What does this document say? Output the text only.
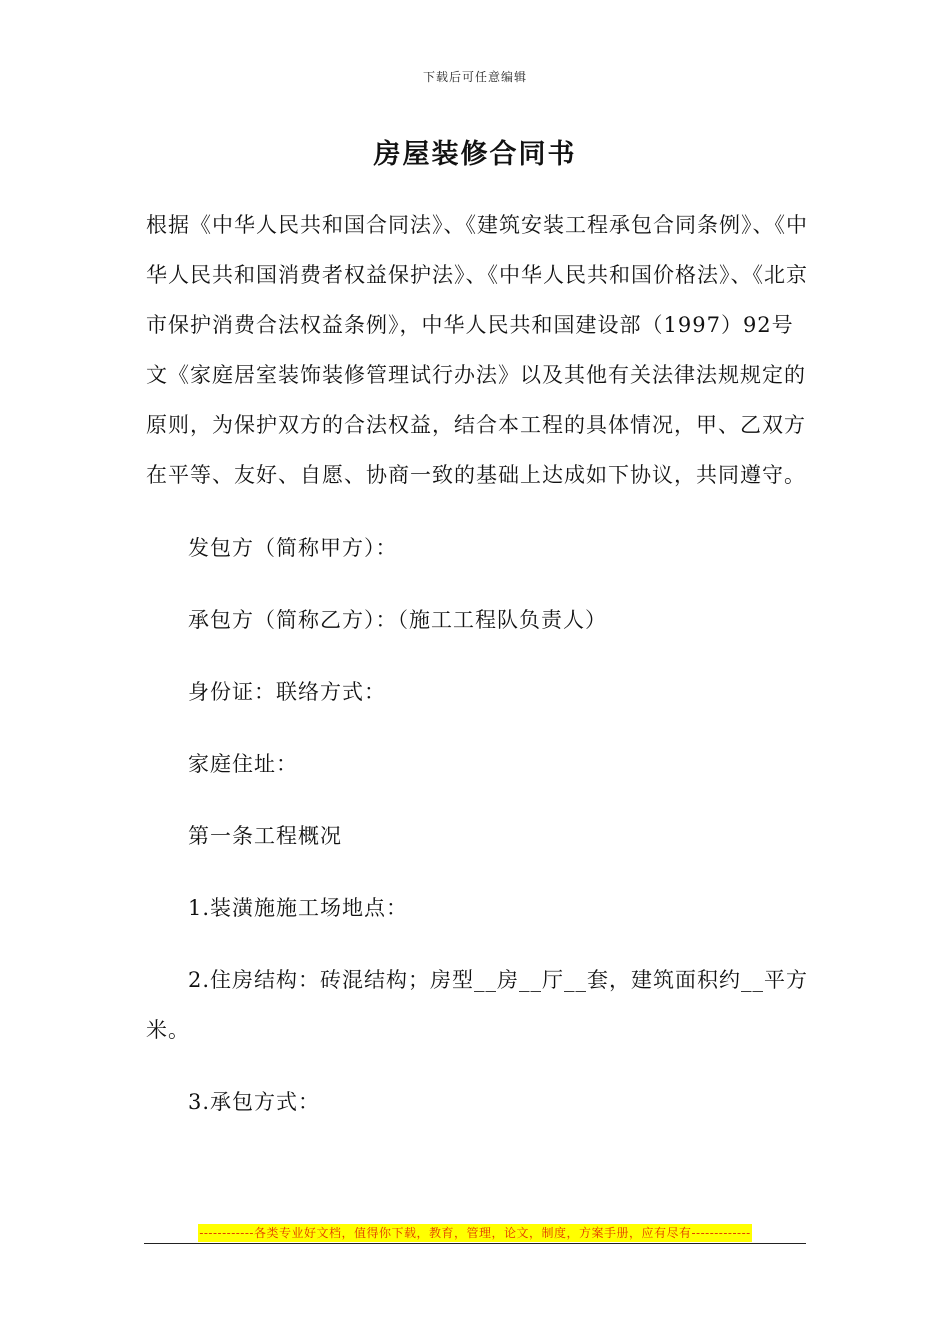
下载后可任意编辑
房屋装修合同书

根据《中华人民共和国合同法》、《建筑安装工程承包合同条例》、《中华人民共和国消费者权益保护法》、《中华人民共和国价格法》、《北京市保护消费合法权益条例》，中华人民共和国建设部（1997）92号文《家庭居室装饰装修管理试行办法》以及其他有关法律法规规定的原则，为保护双方的合法权益，结合本工程的具体情况，甲、乙双方在平等、友好、自愿、协商一致的基础上达成如下协议，共同遵守。

发包方（简称甲方）：

承包方（简称乙方）：（施工工程队负责人）

身份证：联络方式：

家庭住址：

第一条工程概况

1.装潢施施工场地点：

2.住房结构：砖混结构；房型__房__厅__套，建筑面积约__平方米。

3.承包方式：

------------各类专业好文档，值得你下载，教育，管理，论文，制度，方案手册，应有尽有-------------
